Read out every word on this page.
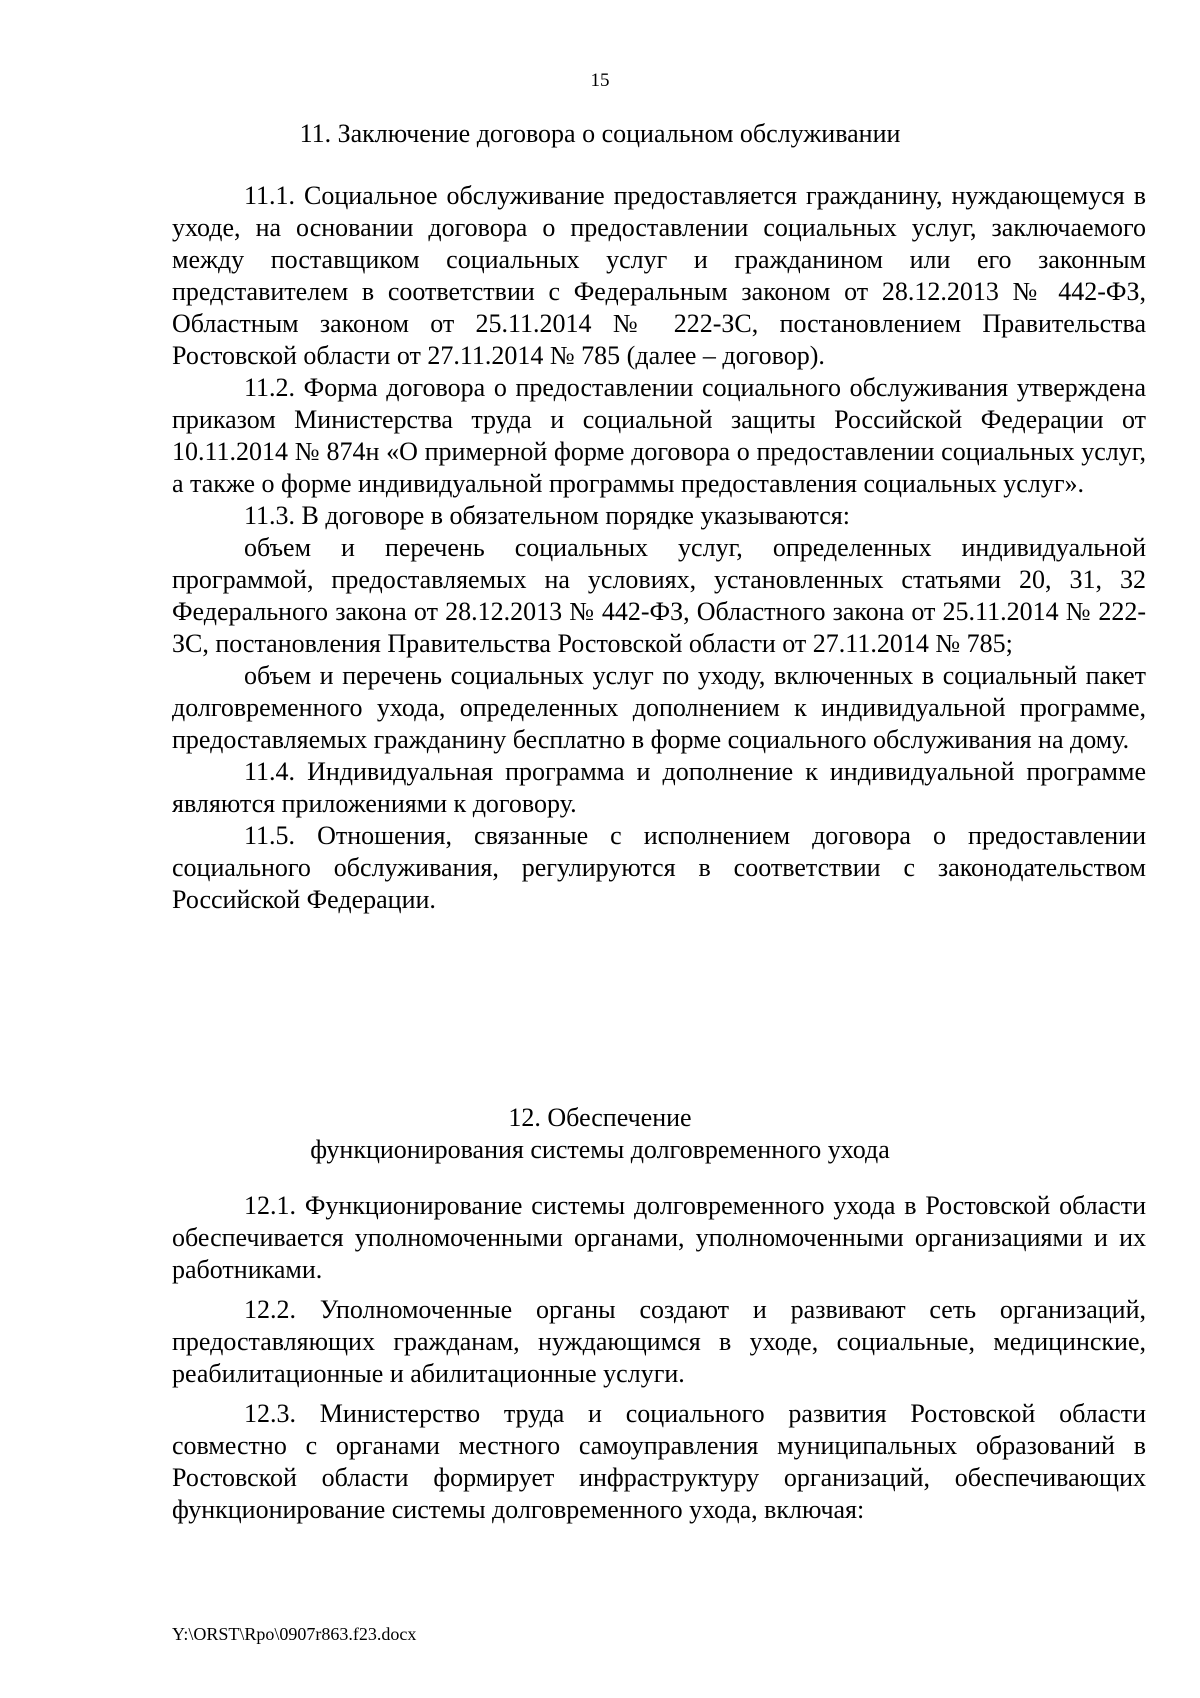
15
11. Заключение договора о социальном обслуживании

11.1. Социальное обслуживание предоставляется гражданину, нуждающемуся в уходе, на основании договора о предоставлении социальных услуг, заключаемого между поставщиком социальных услуг и гражданином или его законным представителем в соответствии с Федеральным законом от 28.12.2013 № 442-ФЗ, Областным законом от 25.11.2014 № 222-ЗС, постановлением Правительства Ростовской области от 27.11.2014 № 785 (далее – договор).

11.2. Форма договора о предоставлении социального обслуживания утверждена приказом Министерства труда и социальной защиты Российской Федерации от 10.11.2014 № 874н «О примерной форме договора о предоставлении социальных услуг, а также о форме индивидуальной программы предоставления социальных услуг».

11.3. В договоре в обязательном порядке указываются:

объем и перечень социальных услуг, определенных индивидуальной программой, предоставляемых на условиях, установленных статьями 20, 31, 32 Федерального закона от 28.12.2013 № 442-ФЗ, Областного закона от 25.11.2014 № 222-ЗС, постановления Правительства Ростовской области от 27.11.2014 № 785;

объем и перечень социальных услуг по уходу, включенных в социальный пакет долговременного ухода, определенных дополнением к индивидуальной программе, предоставляемых гражданину бесплатно в форме социального обслуживания на дому.

11.4. Индивидуальная программа и дополнение к индивидуальной программе являются приложениями к договору.

11.5. Отношения, связанные с исполнением договора о предоставлении социального обслуживания, регулируются в соответствии с законодательством Российской Федерации.

12. Обеспечение
функционирования системы долговременного ухода

12.1. Функционирование системы долговременного ухода в Ростовской области обеспечивается уполномоченными органами, уполномоченными организациями и их работниками.

12.2. Уполномоченные органы создают и развивают сеть организаций, предоставляющих гражданам, нуждающимся в уходе, социальные, медицинские, реабилитационные и абилитационные услуги.

12.3. Министерство труда и социального развития Ростовской области совместно с органами местного самоуправления муниципальных образований в Ростовской области формирует инфраструктуру организаций, обеспечивающих функционирование системы долговременного ухода, включая:

Y:\ORST\Rpo\0907r863.f23.docx
